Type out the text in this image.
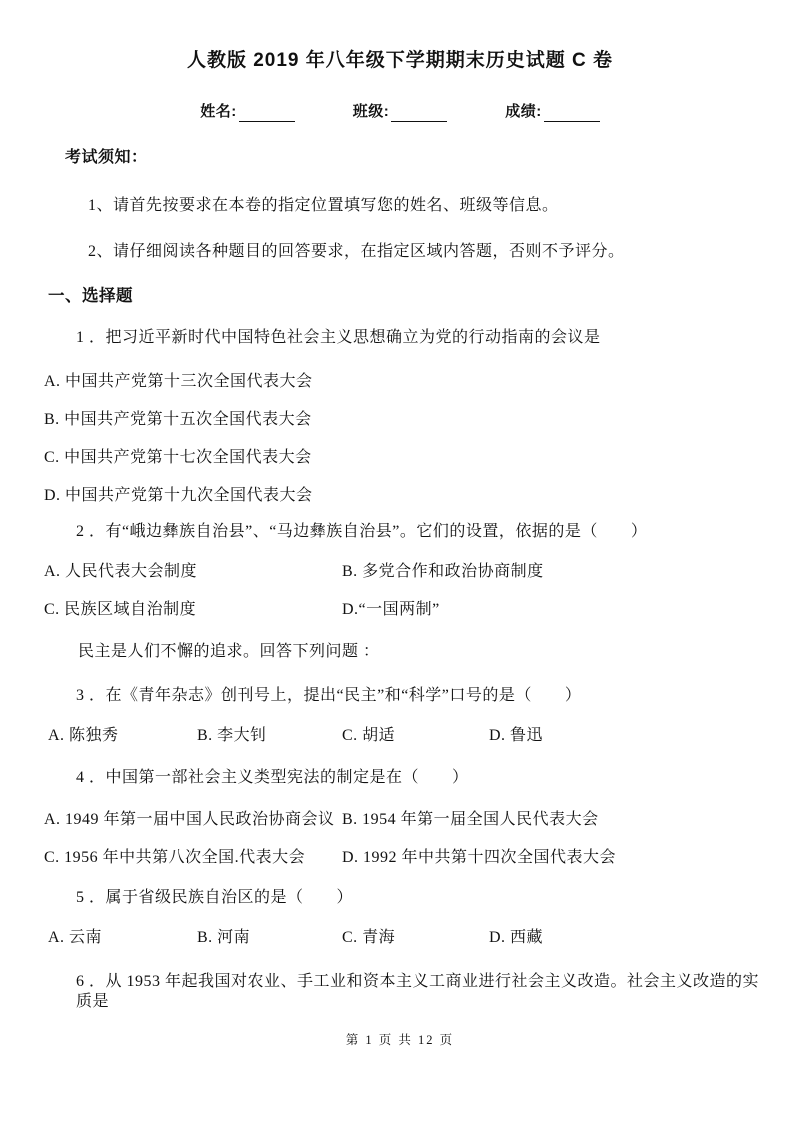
人教版 2019 年八年级下学期期末历史试题 C 卷
姓名:	班级:	成绩:
考试须知：

1、请首先按要求在本卷的指定位置填写您的姓名、班级等信息。

2、请仔细阅读各种题目的回答要求，在指定区域内答题，否则不予评分。

一、选择题

1 ．把习近平新时代中国特色社会主义思想确立为党的行动指南的会议是

A. 中国共产党第十三次全国代表大会

B. 中国共产党第十五次全国代表大会

C. 中国共产党第十七次全国代表大会

D. 中国共产党第十九次全国代表大会

2 ．有“峨边彝族自治县”、“马边彝族自治县”。它们的设置，依据的是（　　）

A. 人民代表大会制度	B. 多党合作和政治协商制度
C. 民族区域自治制度	D.“一国两制”

民主是人们不懈的追求。回答下列问题 ：

3 ．在《青年杂志》创刊号上，提出“民主”和“科学”口号的是（　　）

A. 陈独秀	B. 李大钊	C. 胡适	D. 鲁迅

4 ．中国第一部社会主义类型宪法的制定是在（　　）

A. 1949 年第一届中国人民政治协商会议 B. 1954 年第一届全国人民代表大会
C. 1956 年中共第八次全国.代表大会	D. 1992 年中共第十四次全国代表大会

5 ．属于省级民族自治区的是（　　）

A. 云南	B. 河南	C. 青海	D. 西藏

6 ．从 1953 年起我国对农业、手工业和资本主义工商业进行社会主义改造。社会主义改造的实质是

第 1 页 共 12 页
